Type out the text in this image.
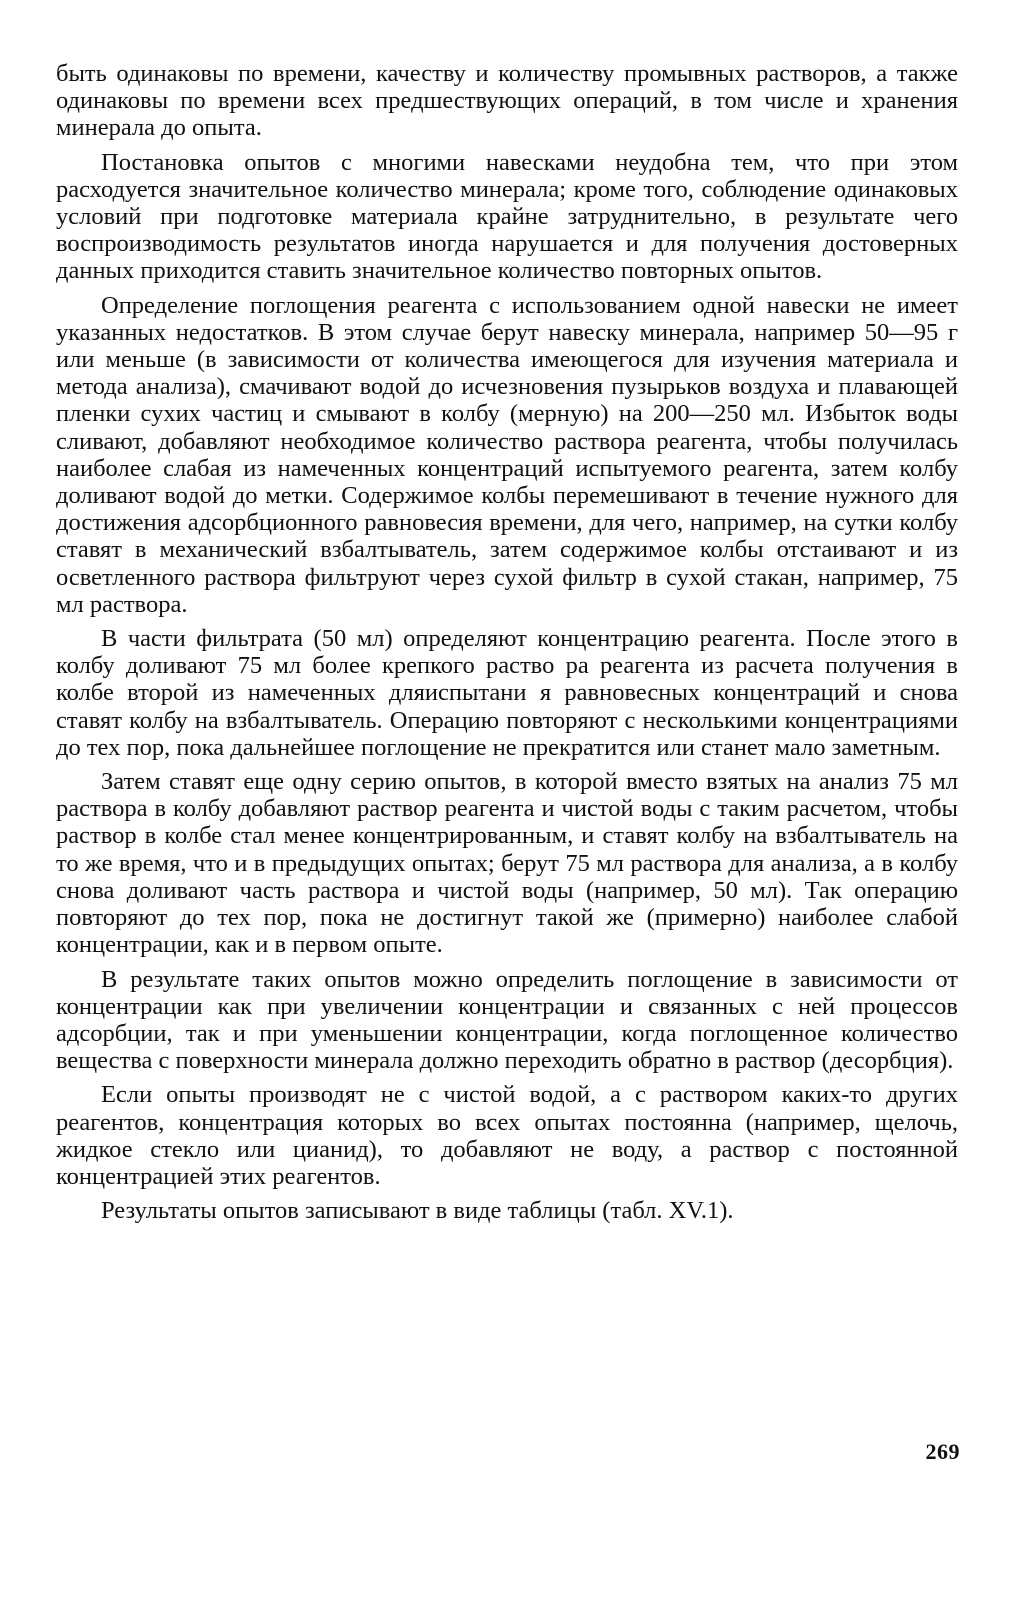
быть одинаковы по времени, качеству и количеству промывных растворов, а также одинаковы по времени всех предшествующих операций, в том числе и хранения минерала до опыта.

Постановка опытов с многими навесками неудобна тем, что при этом расходуется значительное количество минерала; кроме того, соблюдение одинаковых условий при подготовке материала крайне затруднительно, в результате чего воспроизводимость результатов иногда нарушается и для получения достоверных данных приходится ставить значительное количество повторных опытов.

Определение поглощения реагента с использованием одной навески не имеет указанных недостатков. В этом случае берут навеску минерала, например 50—95 г или меньше (в зависимости от количества имеющегося для изучения материала и метода анализа), смачивают водой до исчезновения пузырьков воздуха и плавающей пленки сухих частиц и смывают в колбу (мерную) на 200—250 мл. Избыток воды сливают, добавляют необходимое количество раствора реагента, чтобы получилась наиболее слабая из намеченных концентраций испытуемого реагента, затем колбу доливают водой до метки. Содержимое колбы перемешивают в течение нужного для достижения адсорбционного равновесия времени, для чего, например, на сутки колбу ставят в механический взбалтыватель, затем содержимое колбы отстаивают и из осветленного раствора фильтруют через сухой фильтр в сухой стакан, например, 75 мл раствора.

В части фильтрата (50 мл) определяют концентрацию реагента. После этого в колбу доливают 75 мл более крепкого раство ра реагента из расчета получения в колбе второй из намеченных дляиспытани я равновесных концентраций и снова ставят колбу на взбалтыватель. Операцию повторяют с несколькими концентрациями до тех пор, пока дальнейшее поглощение не прекратится или станет мало заметным.

Затем ставят еще одну серию опытов, в которой вместо взятых на анализ 75 мл раствора в колбу добавляют раствор реагента и чистой воды с таким расчетом, чтобы раствор в колбе стал менее концентрированным, и ставят колбу на взбалтыватель на то же время, что и в предыдущих опытах; берут 75 мл раствора для анализа, а в колбу снова доливают часть раствора и чистой воды (например, 50 мл). Так операцию повторяют до тех пор, пока не достигнут такой же (примерно) наиболее слабой концентрации, как и в первом опыте.

В результате таких опытов можно определить поглощение в зависимости от концентрации как при увеличении концентрации и связанных с ней процессов адсорбции, так и при уменьшении концентрации, когда поглощенное количество вещества с поверхности минерала должно переходить обратно в раствор (десорбция).

Если опыты производят не с чистой водой, а с раствором каких-то других реагентов, концентрация которых во всех опытах постоянна (например, щелочь, жидкое стекло или цианид), то добавляют не воду, а раствор с постоянной концентрацией этих реагентов.

Результаты опытов записывают в виде таблицы (табл. XV.1).

269
